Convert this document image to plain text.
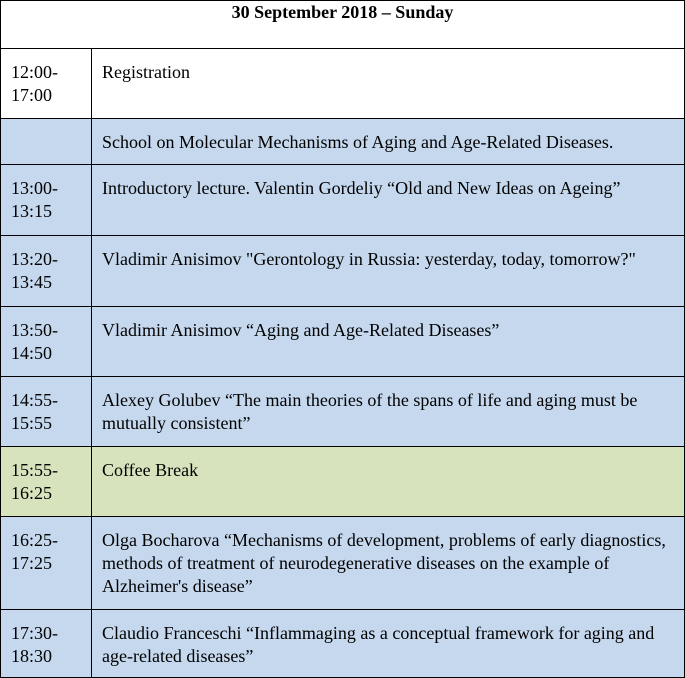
30 September 2018 – Sunday	

12:00-
17:00	Registration

	School on Molecular Mechanisms of Aging and Age-Related Diseases.

13:00-
13:15	Introductory lecture. Valentin Gordeliy “Old and New Ideas on Ageing”

13:20-
13:45	Vladimir Anisimov "Gerontology in Russia: yesterday, today, tomorrow?"

13:50-
14:50	Vladimir Anisimov “Aging and Age-Related Diseases”

14:55-
15:55	Alexey Golubev “The main theories of the spans of life and aging must be mutually consistent”

15:55-
16:25	Coffee Break

16:25-
17:25	Olga Bocharova “Mechanisms of development, problems of early diagnostics, methods of treatment of neurodegenerative diseases on the example of Alzheimer's disease”

17:30-
18:30	Claudio Franceschi “Inflammaging as a conceptual framework for aging and age-related diseases”
